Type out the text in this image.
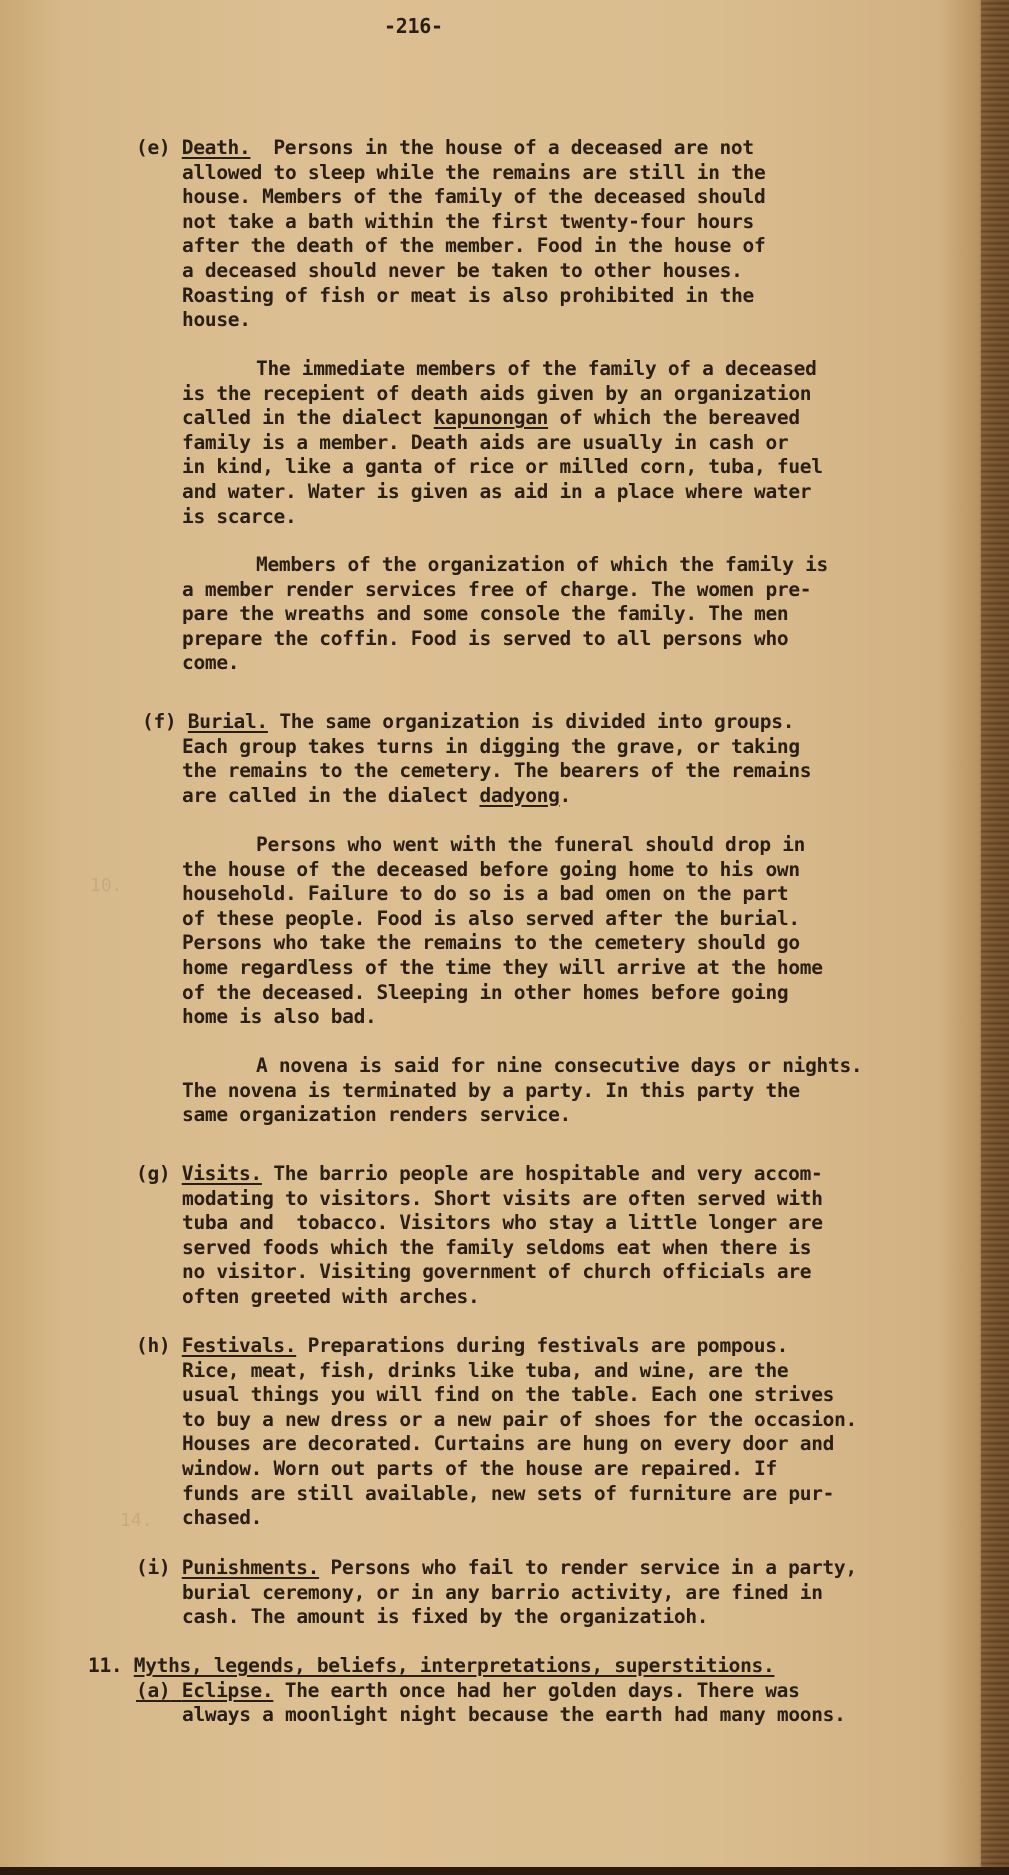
10.
14.
-216-
(e) Death. Persons in the house of a deceased are not
allowed to sleep while the remains are still in the
house. Members of the family of the deceased should
not take a bath within the first twenty-four hours
after the death of the member. Food in the house of
a deceased should never be taken to other houses.
Roasting of fish or meat is also prohibited in the
house.
The immediate members of the family of a deceased
is the recepient of death aids given by an organization
called in the dialect kapunongan of which the bereaved
family is a member. Death aids are usually in cash or
in kind, like a ganta of rice or milled corn, tuba, fuel
and water. Water is given as aid in a place where water
is scarce.
Members of the organization of which the family is
a member render services free of charge. The women pre-
pare the wreaths and some console the family. The men
prepare the coffin. Food is served to all persons who
come.
(f) Burial. The same organization is divided into groups.
Each group takes turns in digging the grave, or taking
the remains to the cemetery. The bearers of the remains
are called in the dialect dadyong.
Persons who went with the funeral should drop in
the house of the deceased before going home to his own
household. Failure to do so is a bad omen on the part
of these people. Food is also served after the burial.
Persons who take the remains to the cemetery should go
home regardless of the time they will arrive at the home
of the deceased. Sleeping in other homes before going
home is also bad.
A novena is said for nine consecutive days or nights.
The novena is terminated by a party. In this party the
same organization renders service.
(g) Visits. The barrio people are hospitable and very accom-
modating to visitors. Short visits are often served with
tuba and  tobacco. Visitors who stay a little longer are
served foods which the family seldoms eat when there is
no visitor. Visiting government of church officials are
often greeted with arches.
(h) Festivals. Preparations during festivals are pompous.
Rice, meat, fish, drinks like tuba, and wine, are the
usual things you will find on the table. Each one strives
to buy a new dress or a new pair of shoes for the occasion.
Houses are decorated. Curtains are hung on every door and
window. Worn out parts of the house are repaired. If
funds are still available, new sets of furniture are pur-
chased.
(i) Punishments. Persons who fail to render service in a party,
burial ceremony, or in any barrio activity, are fined in
cash. The amount is fixed by the organizatioh.
11. Myths, legends, beliefs, interpretations, superstitions.
(a) Eclipse. The earth once had her golden days. There was
always a moonlight night because the earth had many moons.
